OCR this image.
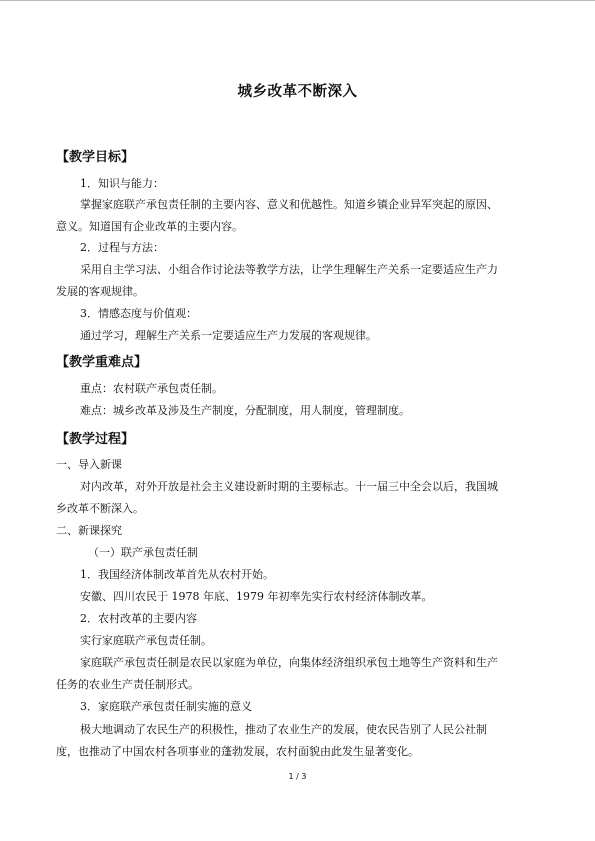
城乡改革不断深入
【教学目标】
1．知识与能力：
掌握家庭联产承包责任制的主要内容、意义和优越性。知道乡镇企业异军突起的原因、
意义。知道国有企业改革的主要内容。
2．过程与方法：
采用自主学习法、小组合作讨论法等教学方法，让学生理解生产关系一定要适应生产力
发展的客观规律。
3．情感态度与价值观：
通过学习，理解生产关系一定要适应生产力发展的客观规律。
【教学重难点】
重点：农村联产承包责任制。
难点：城乡改革及涉及生产制度，分配制度，用人制度，管理制度。
【教学过程】
一、导入新课
对内改革，对外开放是社会主义建设新时期的主要标志。十一届三中全会以后，我国城
乡改革不断深入。
二、新课探究
（一）联产承包责任制
1．我国经济体制改革首先从农村开始。
安徽、四川农民于 1978 年底、1979 年初率先实行农村经济体制改革。
2．农村改革的主要内容
实行家庭联产承包责任制。
家庭联产承包责任制是农民以家庭为单位，向集体经济组织承包土地等生产资料和生产
任务的农业生产责任制形式。
3．家庭联产承包责任制实施的意义
极大地调动了农民生产的积极性，推动了农业生产的发展，使农民告别了人民公社制
度，也推动了中国农村各项事业的蓬勃发展，农村面貌由此发生显著变化。
1 / 3
